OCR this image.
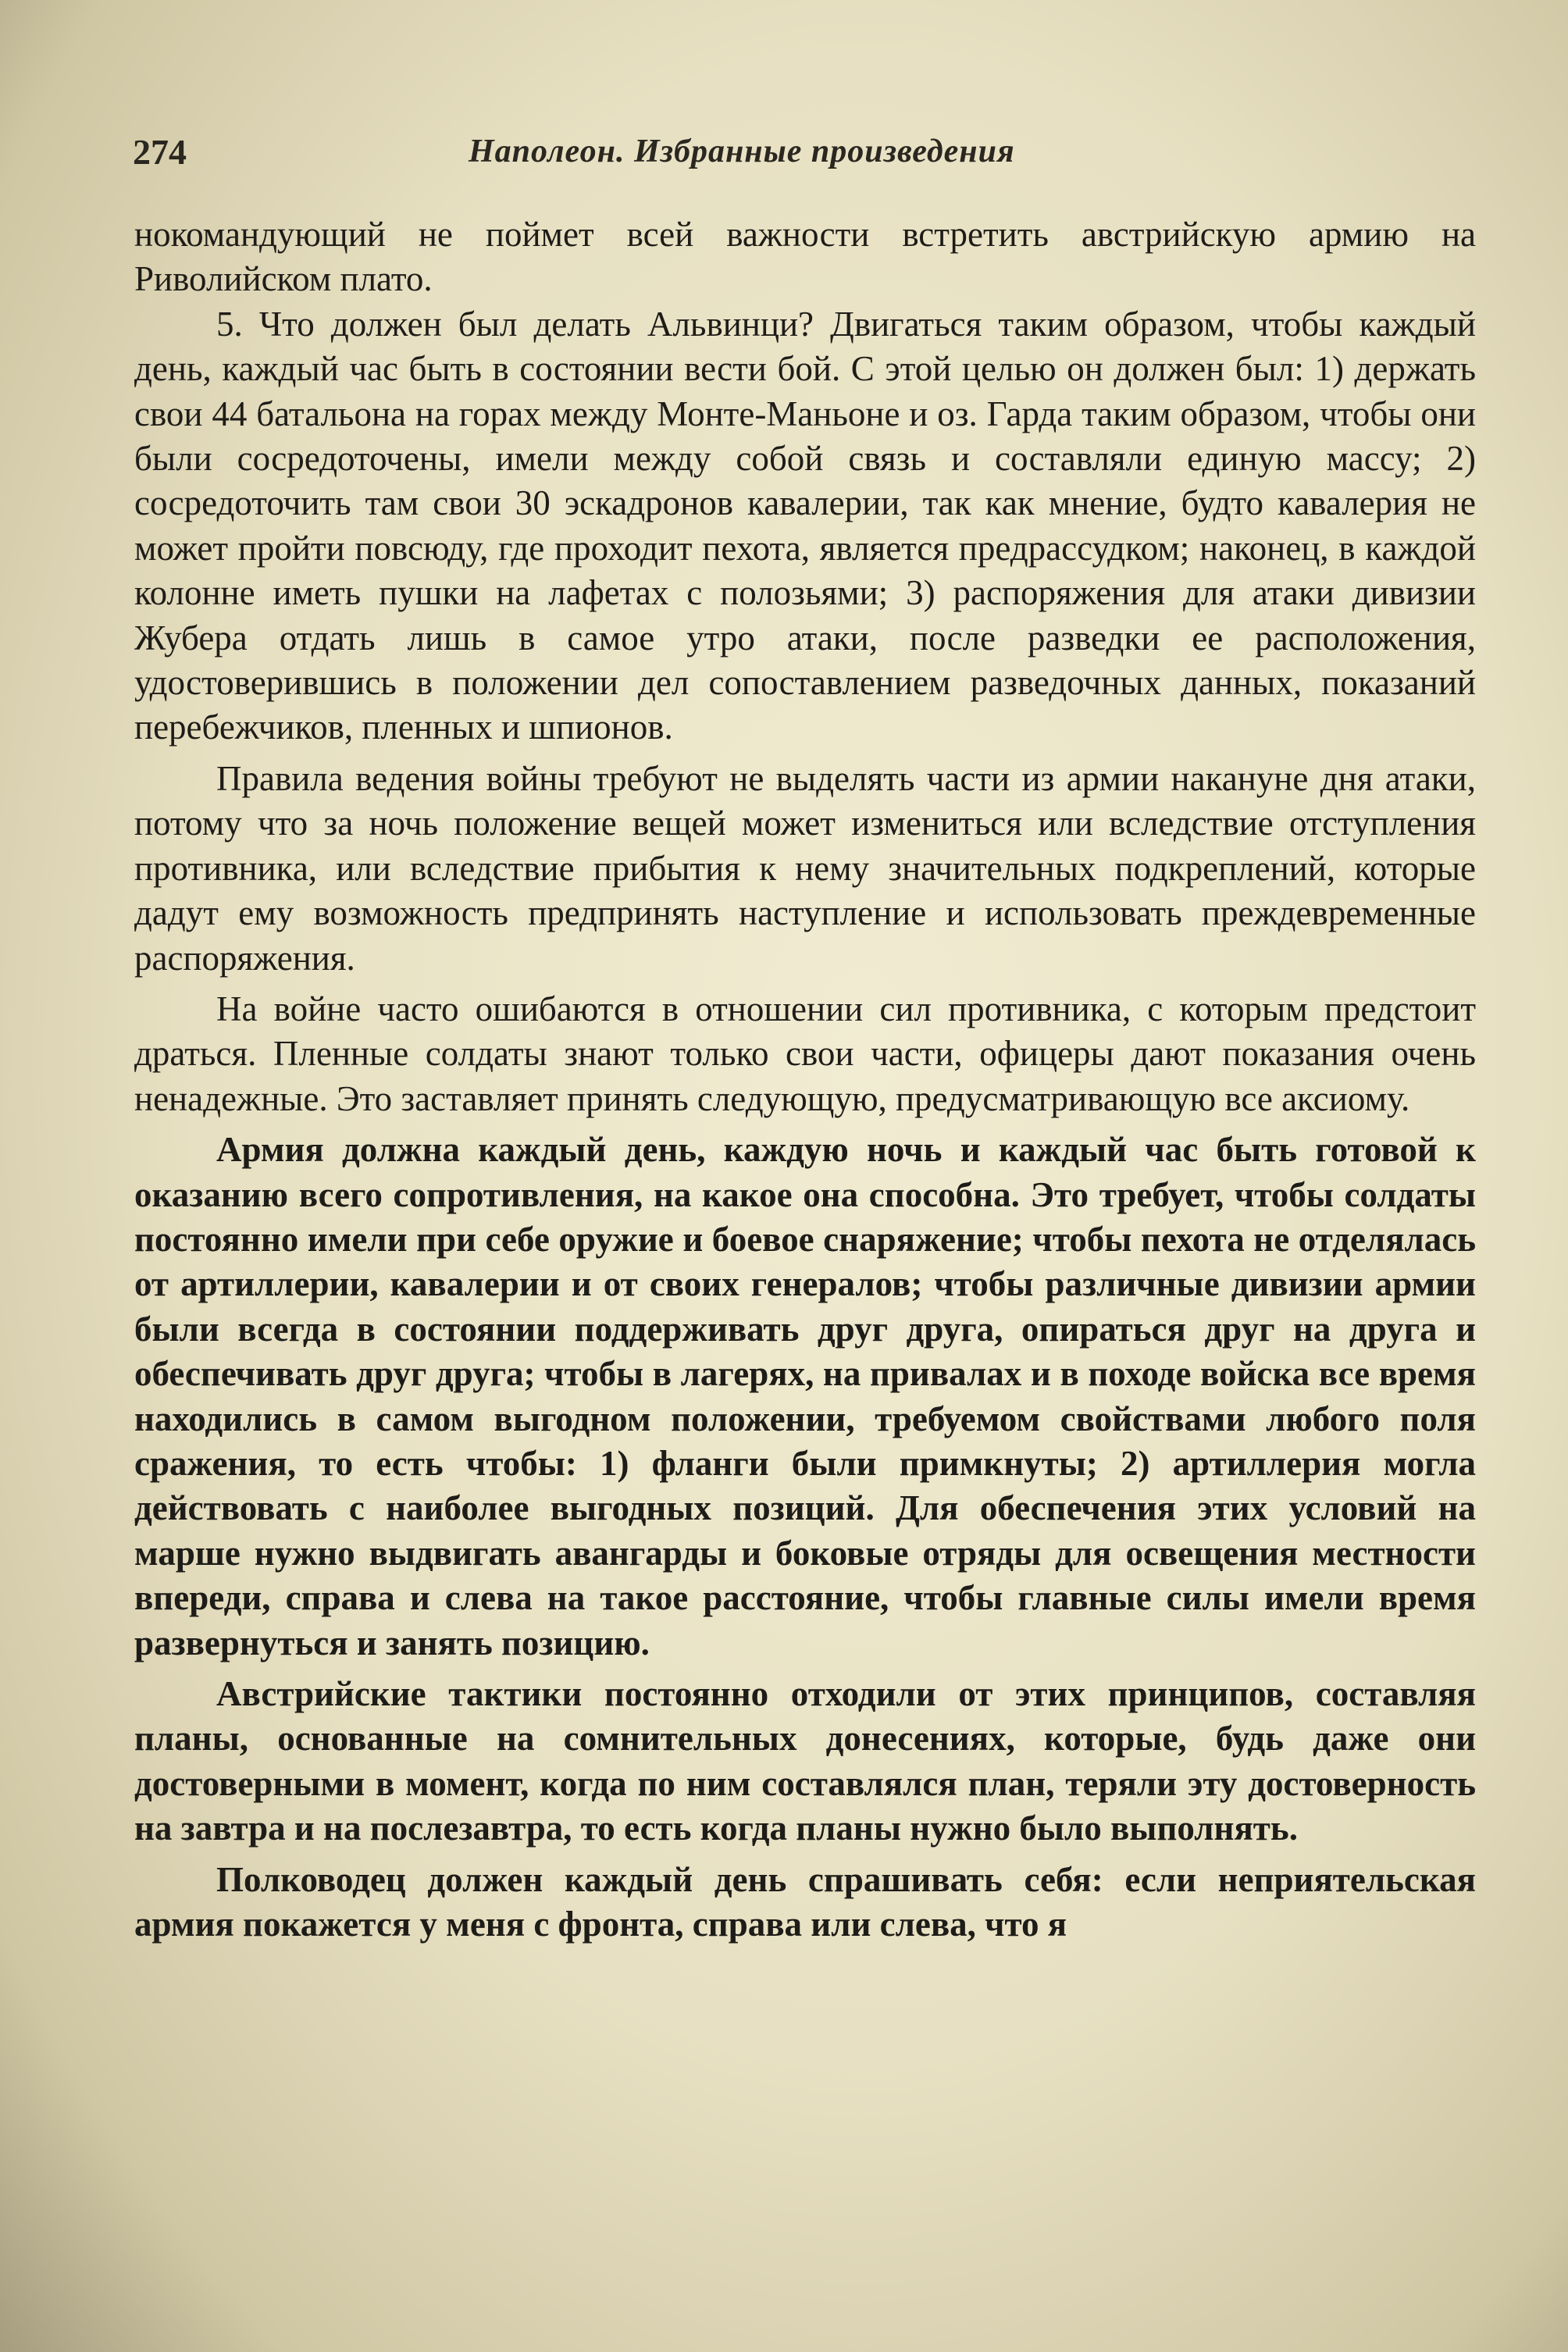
274	Наполеон. Избранные произведения

нокомандующий не поймет всей важности встретить австрийскую армию на Риволийском плато.

5. Что должен был делать Альвинци? Двигаться таким образом, чтобы каждый день, каждый час быть в состоянии вести бой. С этой целью он должен был: 1) держать свои 44 батальона на горах между Монте-Маньоне и оз. Гарда таким образом, чтобы они были сосредоточены, имели между собой связь и составляли единую массу; 2) сосредоточить там свои 30 эскадронов кавалерии, так как мнение, будто кавалерия не может пройти повсюду, где проходит пехота, является предрассудком; наконец, в каждой колонне иметь пушки на лафетах с полозьями; 3) распоряжения для атаки дивизии Жубера отдать лишь в самое утро атаки, после разведки ее расположения, удостоверившись в положении дел сопоставлением разведочных данных, показаний перебежчиков, пленных и шпионов.

Правила ведения войны требуют не выделять части из армии накануне дня атаки, потому что за ночь положение вещей может измениться или вследствие отступления противника, или вследствие прибытия к нему значительных подкреплений, которые дадут ему возможность предпринять наступление и использовать преждевременные распоряжения.

На войне часто ошибаются в отношении сил противника, с которым предстоит драться. Пленные солдаты знают только свои части, офицеры дают показания очень ненадежные. Это заставляет принять следующую, предусматривающую все аксиому.

Армия должна каждый день, каждую ночь и каждый час быть готовой к оказанию всего сопротивления, на какое она способна. Это требует, чтобы солдаты постоянно имели при себе оружие и боевое снаряжение; чтобы пехота не отделялась от артиллерии, кавалерии и от своих генералов; чтобы различные дивизии армии были всегда в состоянии поддерживать друг друга, опираться друг на друга и обеспечивать друг друга; чтобы в лагерях, на привалах и в походе войска все время находились в самом выгодном положении, требуемом свойствами любого поля сражения, то есть чтобы: 1) фланги были примкнуты; 2) артиллерия могла действовать с наиболее выгодных позиций. Для обеспечения этих условий на марше нужно выдвигать авангарды и боковые отряды для освещения местности впереди, справа и слева на такое расстояние, чтобы главные силы имели время развернуться и занять позицию.

Австрийские тактики постоянно отходили от этих принципов, составляя планы, основанные на сомнительных донесениях, которые, будь даже они достоверными в момент, когда по ним составлялся план, теряли эту достоверность на завтра и на послезавтра, то есть когда планы нужно было выполнять.

Полководец должен каждый день спрашивать себя: если неприятельская армия покажется у меня с фронта, справа или слева, что я
